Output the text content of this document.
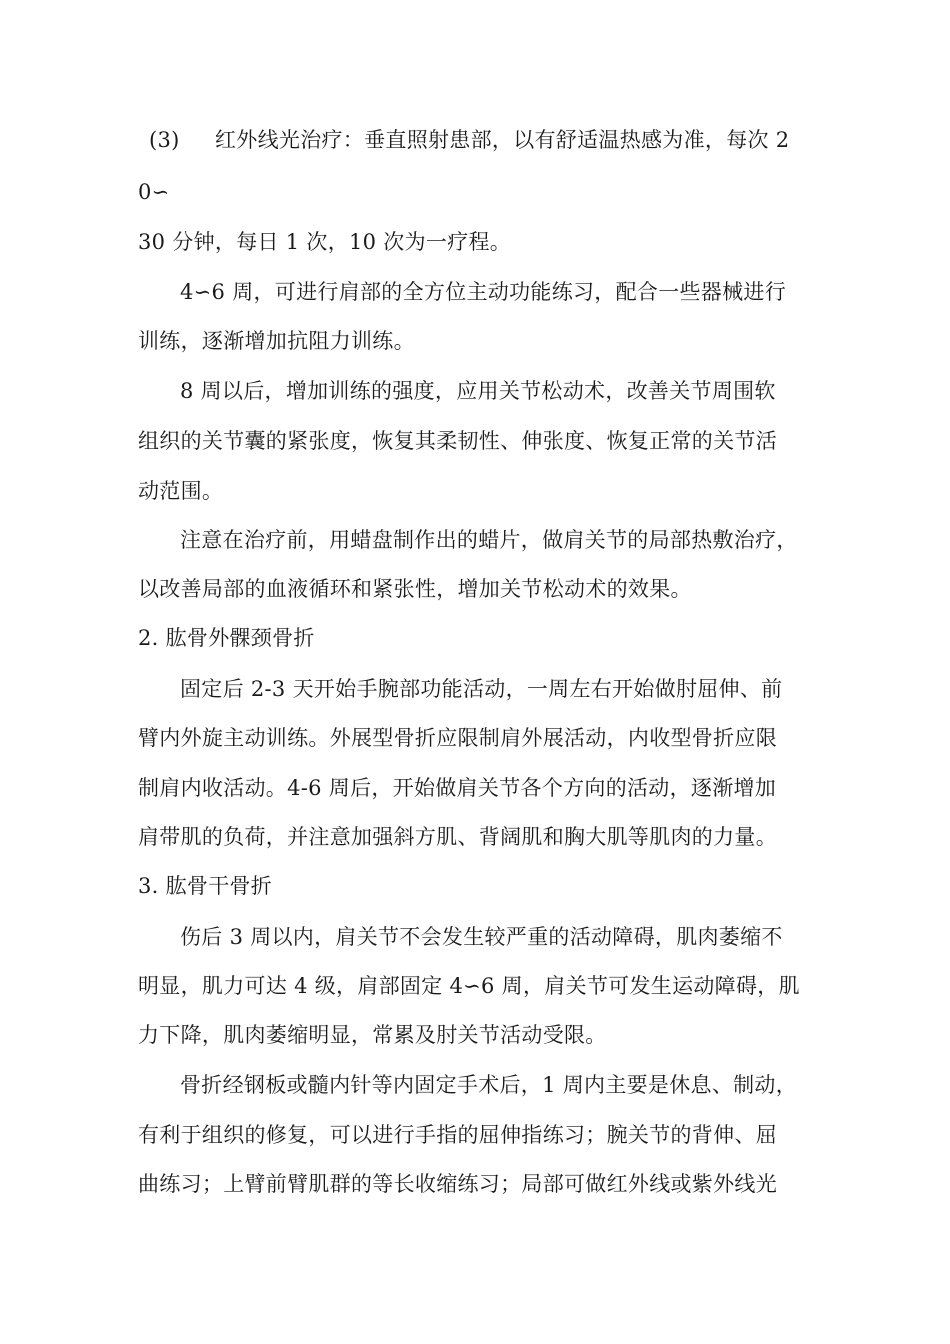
(3) 红外线光治疗：垂直照射患部，以有舒适温热感为准，每次 2
0∽
30 分钟，每日 1 次，10 次为一疗程。
4∽6 周，可进行肩部的全方位主动功能练习，配合一些器械进行
训练，逐渐增加抗阻力训练。
8 周以后，增加训练的强度，应用关节松动术，改善关节周围软
组织的关节囊的紧张度，恢复其柔韧性、伸张度、恢复正常的关节活
动范围。
注意在治疗前，用蜡盘制作出的蜡片，做肩关节的局部热敷治疗，
以改善局部的血液循环和紧张性，增加关节松动术的效果。
2. 肱骨外髁颈骨折
固定后 2-3 天开始手腕部功能活动，一周左右开始做肘屈伸、前
臂内外旋主动训练。外展型骨折应限制肩外展活动，内收型骨折应限
制肩内收活动。4-6 周后，开始做肩关节各个方向的活动，逐渐增加
肩带肌的负荷，并注意加强斜方肌、背阔肌和胸大肌等肌肉的力量。
3. 肱骨干骨折
伤后 3 周以内，肩关节不会发生较严重的活动障碍，肌肉萎缩不
明显，肌力可达 4 级，肩部固定 4∽6 周，肩关节可发生运动障碍，肌
力下降，肌肉萎缩明显，常累及肘关节活动受限。
骨折经钢板或髓内针等内固定手术后，1 周内主要是休息、制动，
有利于组织的修复，可以进行手指的屈伸指练习；腕关节的背伸、屈
曲练习；上臂前臂肌群的等长收缩练习；局部可做红外线或紫外线光
